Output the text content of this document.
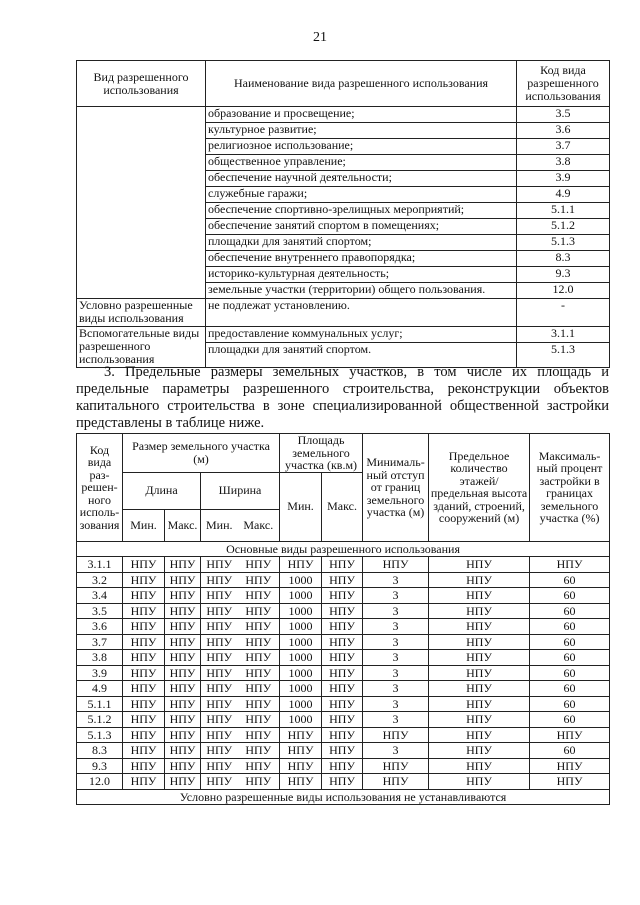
21
Вид разрешенного использования	Наименование вида разрешенного использования	Код вида разрешенного использования
	образование и просвещение;	3.5
	культурное развитие;	3.6
	религиозное использование;	3.7
	общественное управление;	3.8
	обеспечение научной деятельности;	3.9
	служебные гаражи;	4.9
	обеспечение спортивно-зрелищных мероприятий;	5.1.1
	обеспечение занятий спортом в помещениях;	5.1.2
	площадки для занятий спортом;	5.1.3
	обеспечение внутреннего правопорядка;	8.3
	историко-культурная деятельность;	9.3
	земельные участки (территории) общего пользования.	12.0
Условно разрешенные виды использования	не подлежат установлению.	-
Вспомогательные виды разрешенного использования	предоставление коммунальных услуг;	3.1.1
	площадки для занятий спортом.	5.1.3
3. Предельные размеры земельных участков, в том числе их площадь и
предельные параметры разрешенного строительства, реконструкции объектов
капитального строительства в зоне специализированной общественной застройки
представлены в таблице ниже.
Код вида раз-решен-ного исполь-зования	Размер земельного участка (м)				Площадь земельного участка (кв.м)		Минималь-ный отступ от границ земельного участка (м)	Предельное количество этажей/ предельная высота зданий, строений, сооружений (м)	Максималь-ный процент застройки в границах земельного участка (%)
	Длина		Ширина		Мин.	Макс.			
	Мин.	Макс.	Мин.	Макс.					
Основные виды разрешенного использования									
3.1.1	НПУ	НПУ	НПУ	НПУ	НПУ	НПУ	НПУ	НПУ	НПУ
3.2	НПУ	НПУ	НПУ	НПУ	1000	НПУ	3	НПУ	60
3.4	НПУ	НПУ	НПУ	НПУ	1000	НПУ	3	НПУ	60
3.5	НПУ	НПУ	НПУ	НПУ	1000	НПУ	3	НПУ	60
3.6	НПУ	НПУ	НПУ	НПУ	1000	НПУ	3	НПУ	60
3.7	НПУ	НПУ	НПУ	НПУ	1000	НПУ	3	НПУ	60
3.8	НПУ	НПУ	НПУ	НПУ	1000	НПУ	3	НПУ	60
3.9	НПУ	НПУ	НПУ	НПУ	1000	НПУ	3	НПУ	60
4.9	НПУ	НПУ	НПУ	НПУ	1000	НПУ	3	НПУ	60
5.1.1	НПУ	НПУ	НПУ	НПУ	1000	НПУ	3	НПУ	60
5.1.2	НПУ	НПУ	НПУ	НПУ	1000	НПУ	3	НПУ	60
5.1.3	НПУ	НПУ	НПУ	НПУ	НПУ	НПУ	НПУ	НПУ	НПУ
8.3	НПУ	НПУ	НПУ	НПУ	НПУ	НПУ	3	НПУ	60
9.3	НПУ	НПУ	НПУ	НПУ	НПУ	НПУ	НПУ	НПУ	НПУ
12.0	НПУ	НПУ	НПУ	НПУ	НПУ	НПУ	НПУ	НПУ	НПУ
Условно разрешенные виды использования не устанавливаются									
